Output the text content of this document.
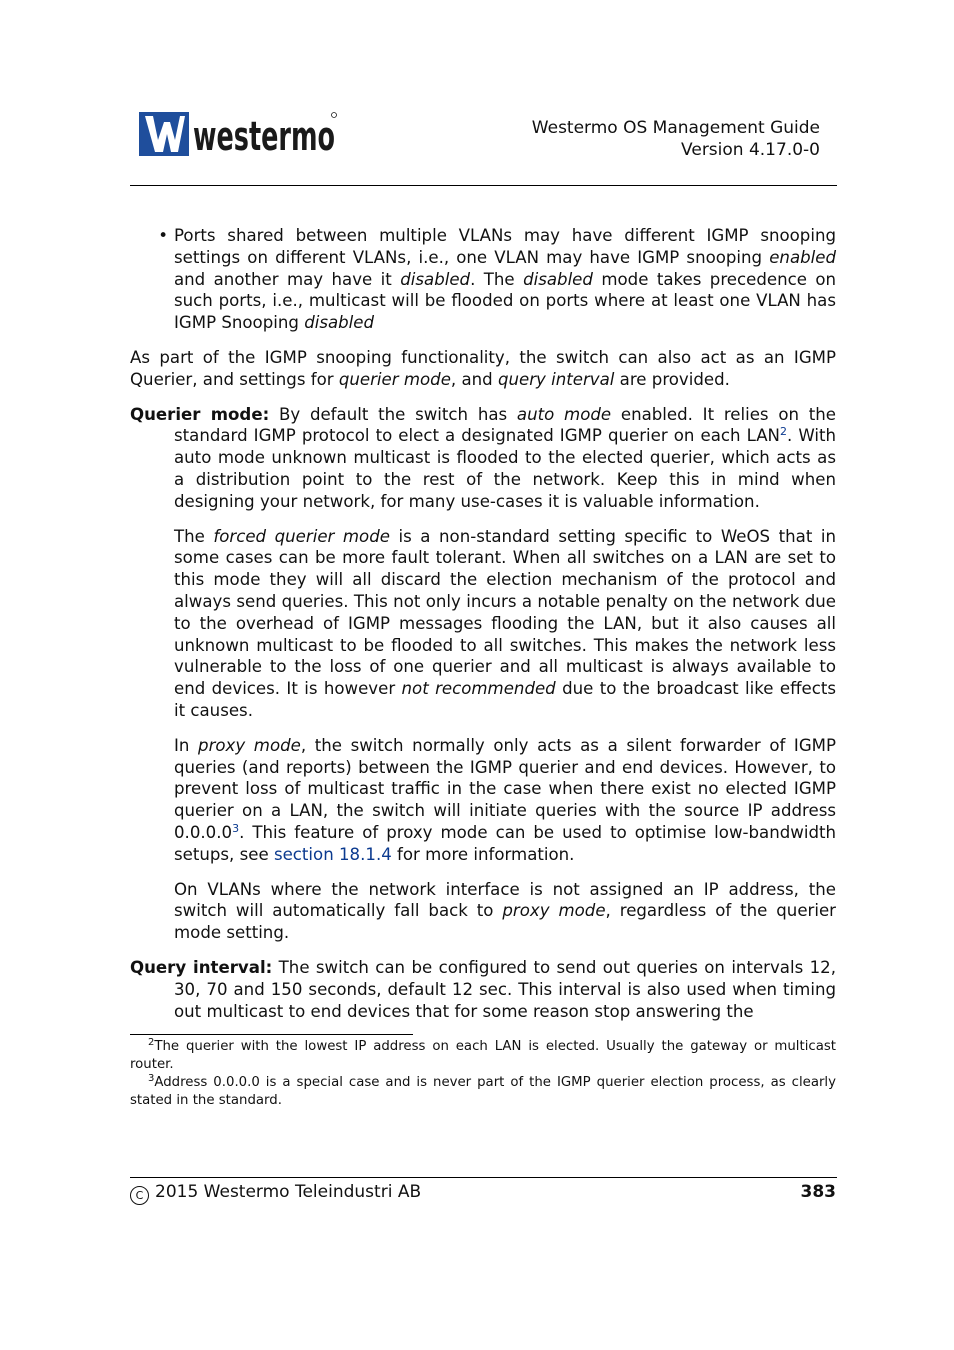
westermo	Westermo OS Management Guide
Version 4.17.0-0
• Ports shared between multiple VLANs may have different IGMP snooping settings on different VLANs, i.e., one VLAN may have IGMP snooping enabled and another may have it disabled. The disabled mode takes precedence on such ports, i.e., multicast will be flooded on ports where at least one VLAN has IGMP Snooping disabled

As part of the IGMP snooping functionality, the switch can also act as an IGMP Querier, and settings for querier mode, and query interval are provided.

Querier mode: By default the switch has auto mode enabled. It relies on the standard IGMP protocol to elect a designated IGMP querier on each LAN$^2$. With auto mode unknown multicast is flooded to the elected querier, which acts as a distribution point to the rest of the network. Keep this in mind when designing your network, for many use-cases it is valuable information.

The forced querier mode is a non-standard setting specific to WeOS that in some cases can be more fault tolerant. When all switches on a LAN are set to this mode they will all discard the election mechanism of the protocol and always send queries. This not only incurs a notable penalty on the network due to the overhead of IGMP messages flooding the LAN, but it also causes all unknown multicast to be flooded to all switches. This makes the network less vulnerable to the loss of one querier and all multicast is always available to end devices. It is however not recommended due to the broadcast like effects it causes.

In proxy mode, the switch normally only acts as a silent forwarder of IGMP queries (and reports) between the IGMP querier and end devices. However, to prevent loss of multicast traffic in the case when there exist no elected IGMP querier on a LAN, the switch will initiate queries with the source IP address 0.0.0.0$^3$. This feature of proxy mode can be used to optimise low-bandwidth setups, see section 18.1.4 for more information.

On VLANs where the network interface is not assigned an IP address, the switch will automatically fall back to proxy mode, regardless of the querier mode setting.

Query interval: The switch can be configured to send out queries on intervals 12, 30, 70 and 150 seconds, default 12 sec. This interval is also used when timing out multicast to end devices that for some reason stop answering the

$^2$The querier with the lowest IP address on each LAN is elected. Usually the gateway or multicast router.

$^3$Address 0.0.0.0 is a special case and is never part of the IGMP querier election process, as clearly stated in the standard.

C 2015 Westermo Teleindustri AB	383
